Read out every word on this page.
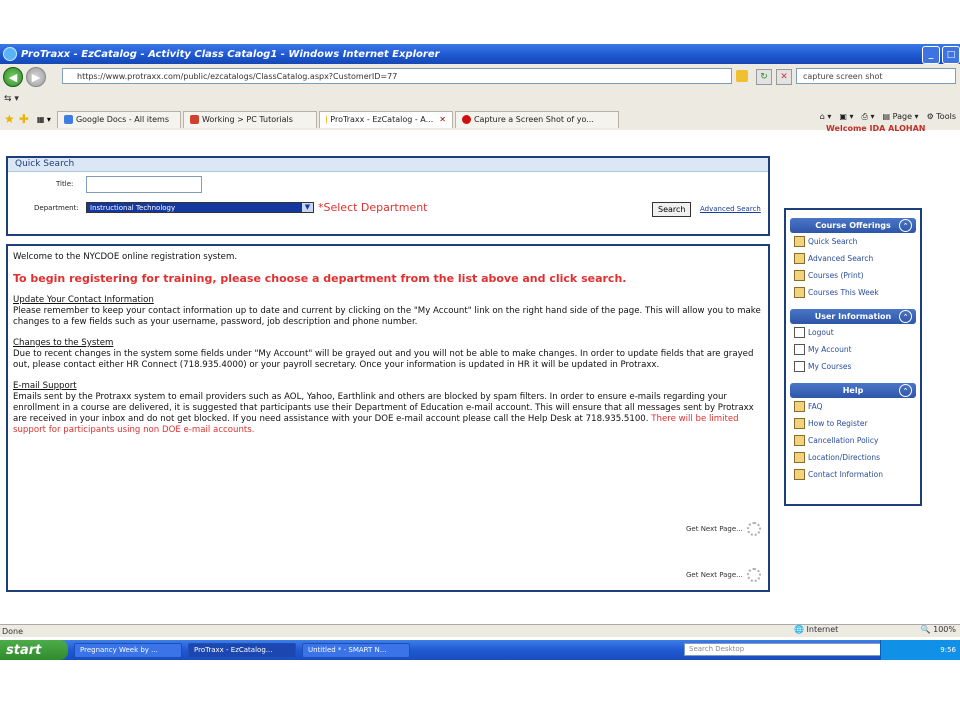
ProTraxx - EzCatalog - Activity Class Catalog1 - Windows Internet Explorer	_	□
◀	▶	https://www.protraxx.com/public/ezcatalogs/ClassCatalog.aspx?CustomerID=77	↻	✕	capture screen shot
⇆ ▾
★ ✚ ▦ ▾	Google Docs - All items	Working > PC Tutorials	ProTraxx - EzCatalog - A... ✕	Capture a Screen Shot of yo...	⌂ ▾ ▣ ▾ ⎙ ▾ ▤ Page ▾ ⚙ Tools
Welcome IDA ALOHAN
Quick Search
Title:
Department:	Instructional Technology	▼ *Select Department	Search	Advanced Search

Welcome to the NYCDOE online registration system.

To begin registering for training, please choose a department from the list above and click search.

Update Your Contact Information

Please remember to keep your contact information up to date and current by clicking on the "My Account" link on the right hand side of the page. This will allow you to make changes to a few fields such as your username, password, job description and phone number.

Changes to the System

Due to recent changes in the system some fields under "My Account" will be grayed out and you will not be able to make changes. In order to update fields that are grayed out, please contact either HR Connect (718.935.4000) or your payroll secretary. Once your information is updated in HR it will be updated in Protraxx.

E-mail Support

Emails sent by the Protraxx system to email providers such as AOL, Yahoo, Earthlink and others are blocked by spam filters. In order to ensure e-mails regarding your enrollment in a course are delivered, it is suggested that participants use their Department of Education e-mail account. This will ensure that all messages sent by Protraxx are received in your inbox and do not get blocked. If you need assistance with your DOE e-mail account please call the Help Desk at 718.935.5100. There will be limited support for participants using non DOE e-mail accounts.

Get Next Page...
Get Next Page...
Course Offerings	⌃
Quick Search
Advanced Search
Courses (Print)
Courses This Week
User Information	⌃
Logout
My Account
My Courses
Help	⌃
FAQ
How to Register
Cancellation Policy
Location/Directions
Contact Information
Done	🌐 Internet	🔍 100%
start	Pregnancy Week by ...	ProTraxx - EzCatalog...	Untitled * - SMART N...	Search Desktop	9:56
